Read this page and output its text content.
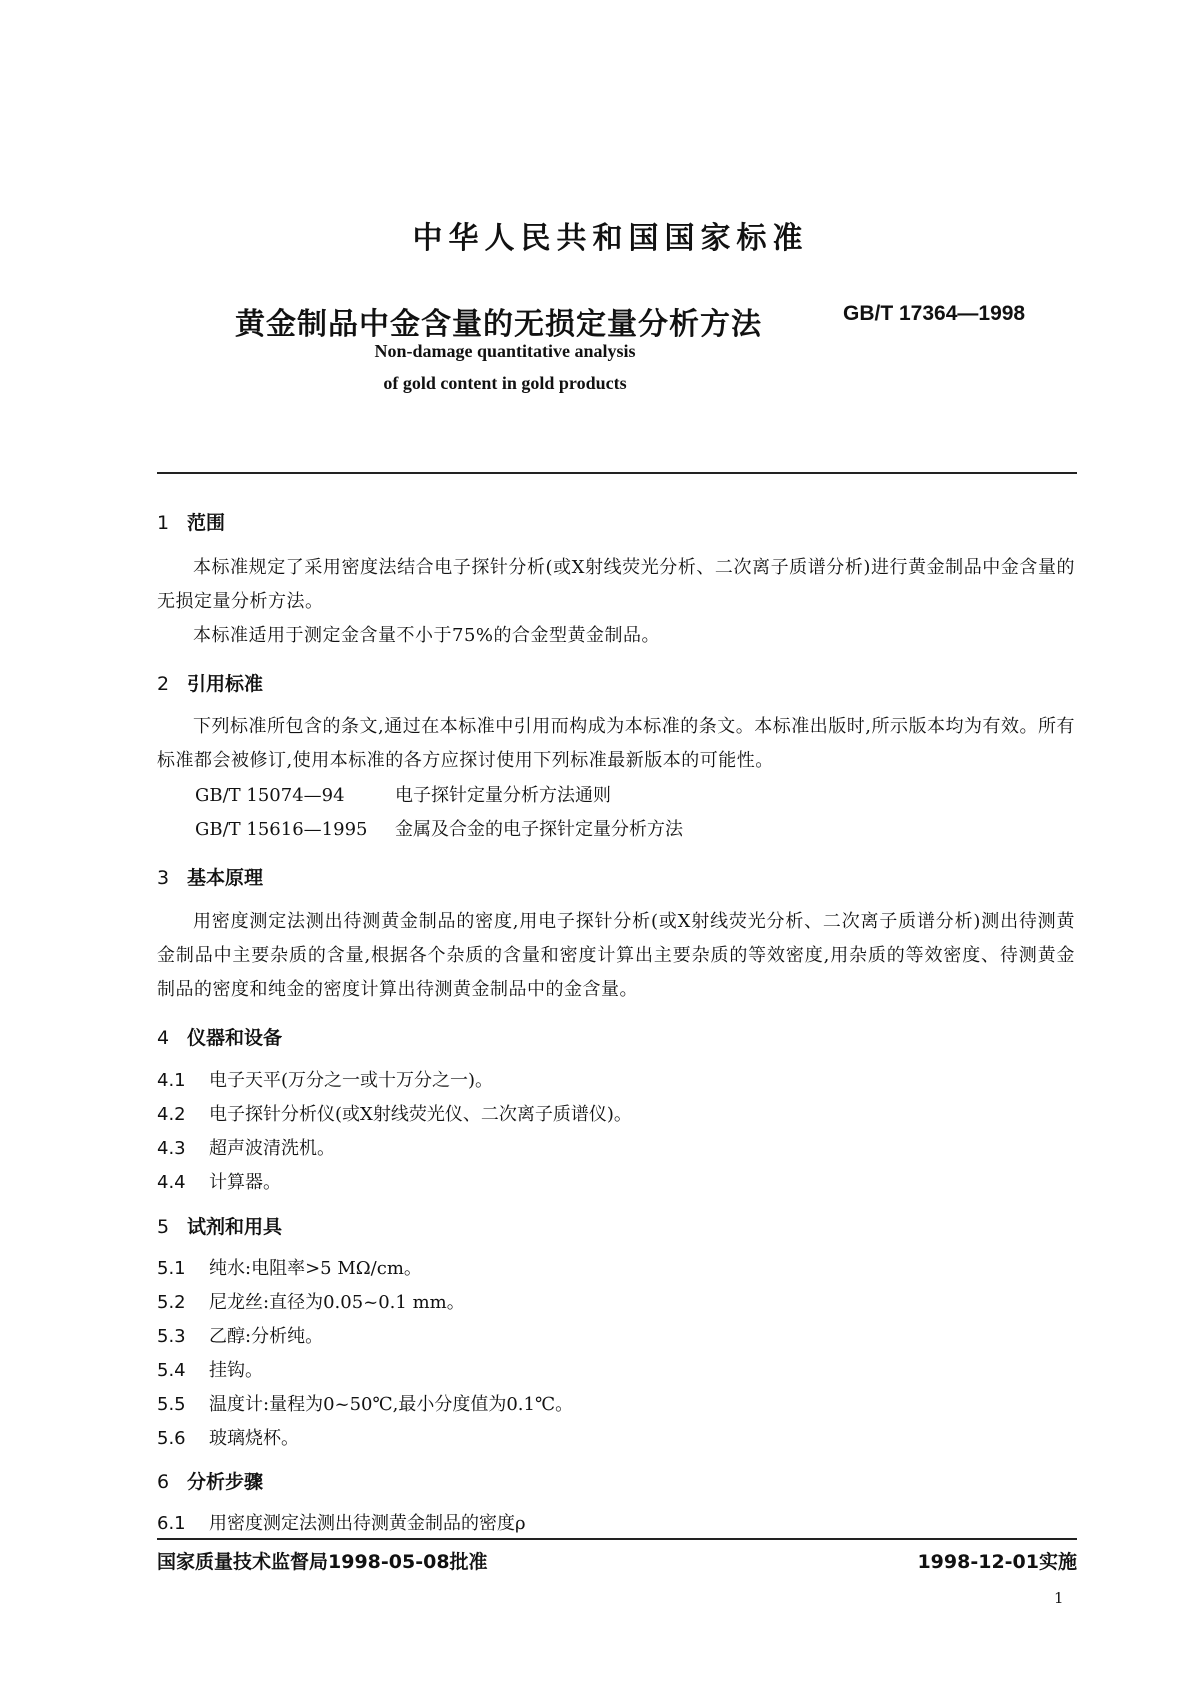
中华人民共和国国家标准
黄金制品中金含量的无损定量分析方法	GB/T 17364—1998
Non-damage quantitative analysis
of gold content in gold products
1 范围
本标准规定了采用密度法结合电子探针分析(或X射线荧光分析、二次离子质谱分析)进行黄金制品中金含量的无损定量分析方法。
本标准适用于测定金含量不小于75%的合金型黄金制品。
2 引用标准
下列标准所包含的条文,通过在本标准中引用而构成为本标准的条文。本标准出版时,所示版本均为有效。所有标准都会被修订,使用本标准的各方应探讨使用下列标准最新版本的可能性。
GB/T 15074—94	电子探针定量分析方法通则
GB/T 15616—1995 金属及合金的电子探针定量分析方法
3 基本原理
用密度测定法测出待测黄金制品的密度,用电子探针分析(或X射线荧光分析、二次离子质谱分析)测出待测黄金制品中主要杂质的含量,根据各个杂质的含量和密度计算出主要杂质的等效密度,用杂质的等效密度、待测黄金制品的密度和纯金的密度计算出待测黄金制品中的金含量。
4 仪器和设备
4.1 电子天平(万分之一或十万分之一)。
4.2 电子探针分析仪(或X射线荧光仪、二次离子质谱仪)。
4.3 超声波清洗机。
4.4 计算器。
5 试剂和用具
5.1 纯水:电阻率>5 MΩ/cm。
5.2 尼龙丝:直径为0.05~0.1 mm。
5.3 乙醇:分析纯。
5.4 挂钩。
5.5 温度计:量程为0~50℃,最小分度值为0.1℃。
5.6 玻璃烧杯。
6 分析步骤
6.1 用密度测定法测出待测黄金制品的密度ρ
国家质量技术监督局1998-05-08批准	1998-12-01实施
1
